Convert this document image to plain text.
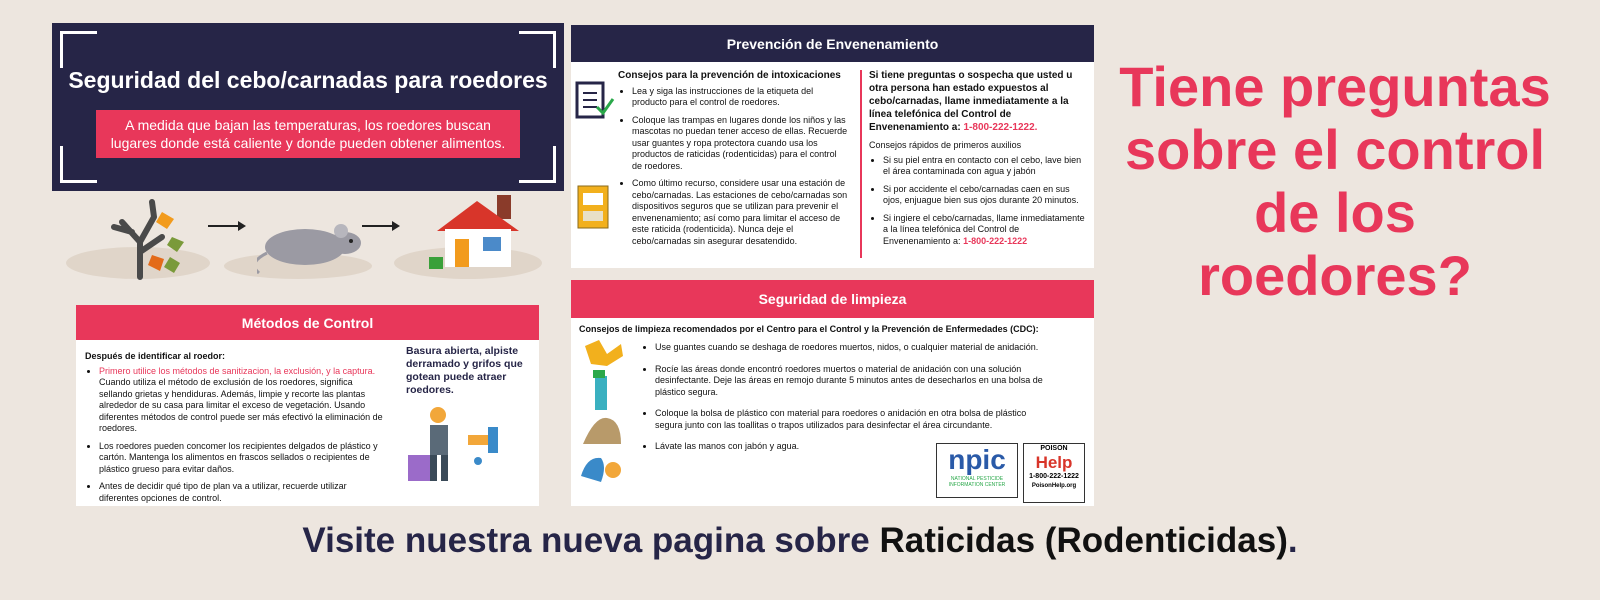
Seguridad del cebo/carnadas para roedores
A medida que bajan las temperaturas, los roedores buscan lugares donde está caliente y donde pueden obtener alimentos.
Métodos de Control
Después de identificar al roedor:
• Primero utilice los métodos de sanitizacion, la exclusión, y la captura.
Cuando utiliza el método de exclusión de los roedores, significa sellando grietas y hendiduras. Además, limpie y recorte las plantas alrededor de su casa para limitar el exceso de vegetación. Usando diferentes métodos de control puede ser más efectivó la eliminación de roedores.
• Los roedores pueden concomer los recipientes delgados de plástico y cartón. Mantenga los alimentos en frascos sellados o recipientes de plástico grueso para evitar daños.
• Antes de decidir qué tipo de plan va a utilizar, recuerde utilizar diferentes opciones de control.
Basura abierta, alpiste derramado y grifos que gotean puede atraer roedores.
Prevención de Envenenamiento
Consejos para la prevención de intoxicaciones
• Lea y siga las instrucciones de la etiqueta del producto para el control de roedores.
• Coloque las trampas en lugares donde los niños y las mascotas no puedan tener acceso de ellas. Recuerde usar guantes y ropa protectora cuando usa los productos de raticidas (rodenticidas) para el control de roedores.
• Como último recurso, considere usar una estación de cebo/carnadas. Las estaciones de cebo/carnadas son dispositivos seguros que se utilizan para prevenir el envenenamiento; así como para limitar el acceso de este raticida (rodenticida). Nunca deje el cebo/carnadas sin asegurar desatendido.
Si tiene preguntas o sospecha que usted u otra persona han estado expuestos al cebo/carnadas, llame inmediatamente a la línea telefónica del Control de Envenenamiento a: 1-800-222-1222.
Consejos rápidos de primeros auxilios
• Si su piel entra en contacto con el cebo, lave bien el área contaminada con agua y jabón
• Si por accidente el cebo/carnadas caen en sus ojos, enjuague bien sus ojos durante 20 minutos.
• Si ingiere el cebo/carnadas, llame inmediatamente a la línea telefónica del Control de Envenenamiento a: 1-800-222-1222
Seguridad de limpieza
Consejos de limpieza recomendados por el Centro para el Control y la Prevención de Enfermedades (CDC):
• Use guantes cuando se deshaga de roedores muertos, nidos, o cualquier material de anidación.
• Rocíe las áreas donde encontró roedores muertos o material de anidación con una solución desinfectante. Deje las áreas en remojo durante 5 minutos antes de desecharlos en una bolsa de plástico segura.
• Coloque la bolsa de plástico con material para roedores o anidación en otra bolsa de plástico segura junto con las toallitas o trapos utilizados para desinfectar el área circundante.
• Lávate las manos con jabón y agua.	npic
NATIONAL PESTICIDE INFORMATION CENTER
POISON
Help
1-800-222-1222
PoisonHelp.org
Tiene preguntas sobre el control de los roedores?
Visite nuestra nueva pagina sobre Raticidas (Rodenticidas).
